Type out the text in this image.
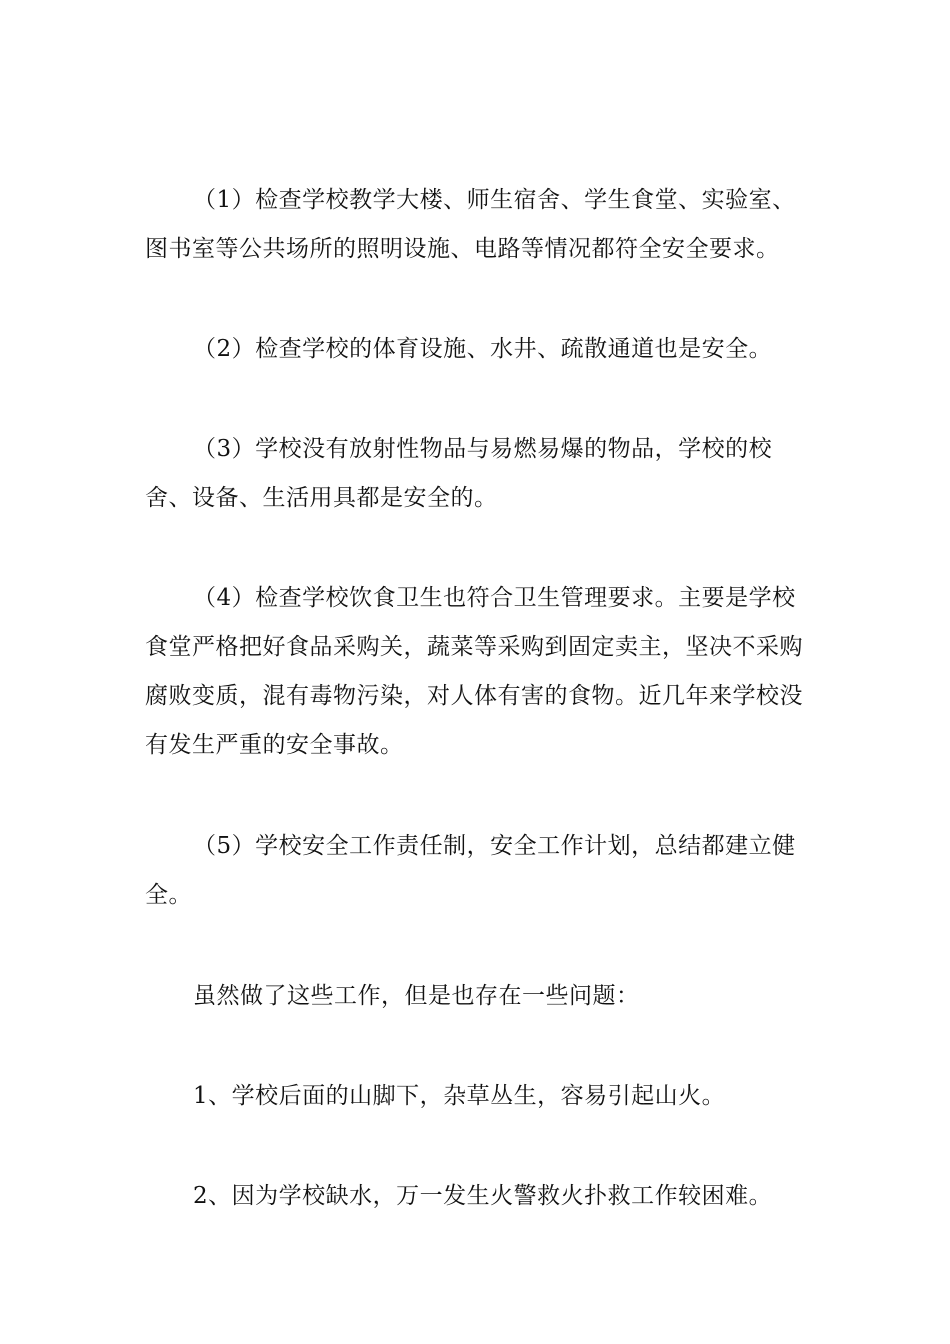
（1）检查学校教学大楼、师生宿舍、学生食堂、实验室、图书室等公共场所的照明设施、电路等情况都符全安全要求。

（2）检查学校的体育设施、水井、疏散通道也是安全。

（3）学校没有放射性物品与易燃易爆的物品，学校的校舍、设备、生活用具都是安全的。

（4）检查学校饮食卫生也符合卫生管理要求。主要是学校食堂严格把好食品采购关，蔬菜等采购到固定卖主，坚决不采购腐败变质，混有毒物污染，对人体有害的食物。近几年来学校没有发生严重的安全事故。

（5）学校安全工作责任制，安全工作计划，总结都建立健全。

虽然做了这些工作，但是也存在一些问题：

1、学校后面的山脚下，杂草丛生，容易引起山火。

2、因为学校缺水，万一发生火警救火扑救工作较困难。
